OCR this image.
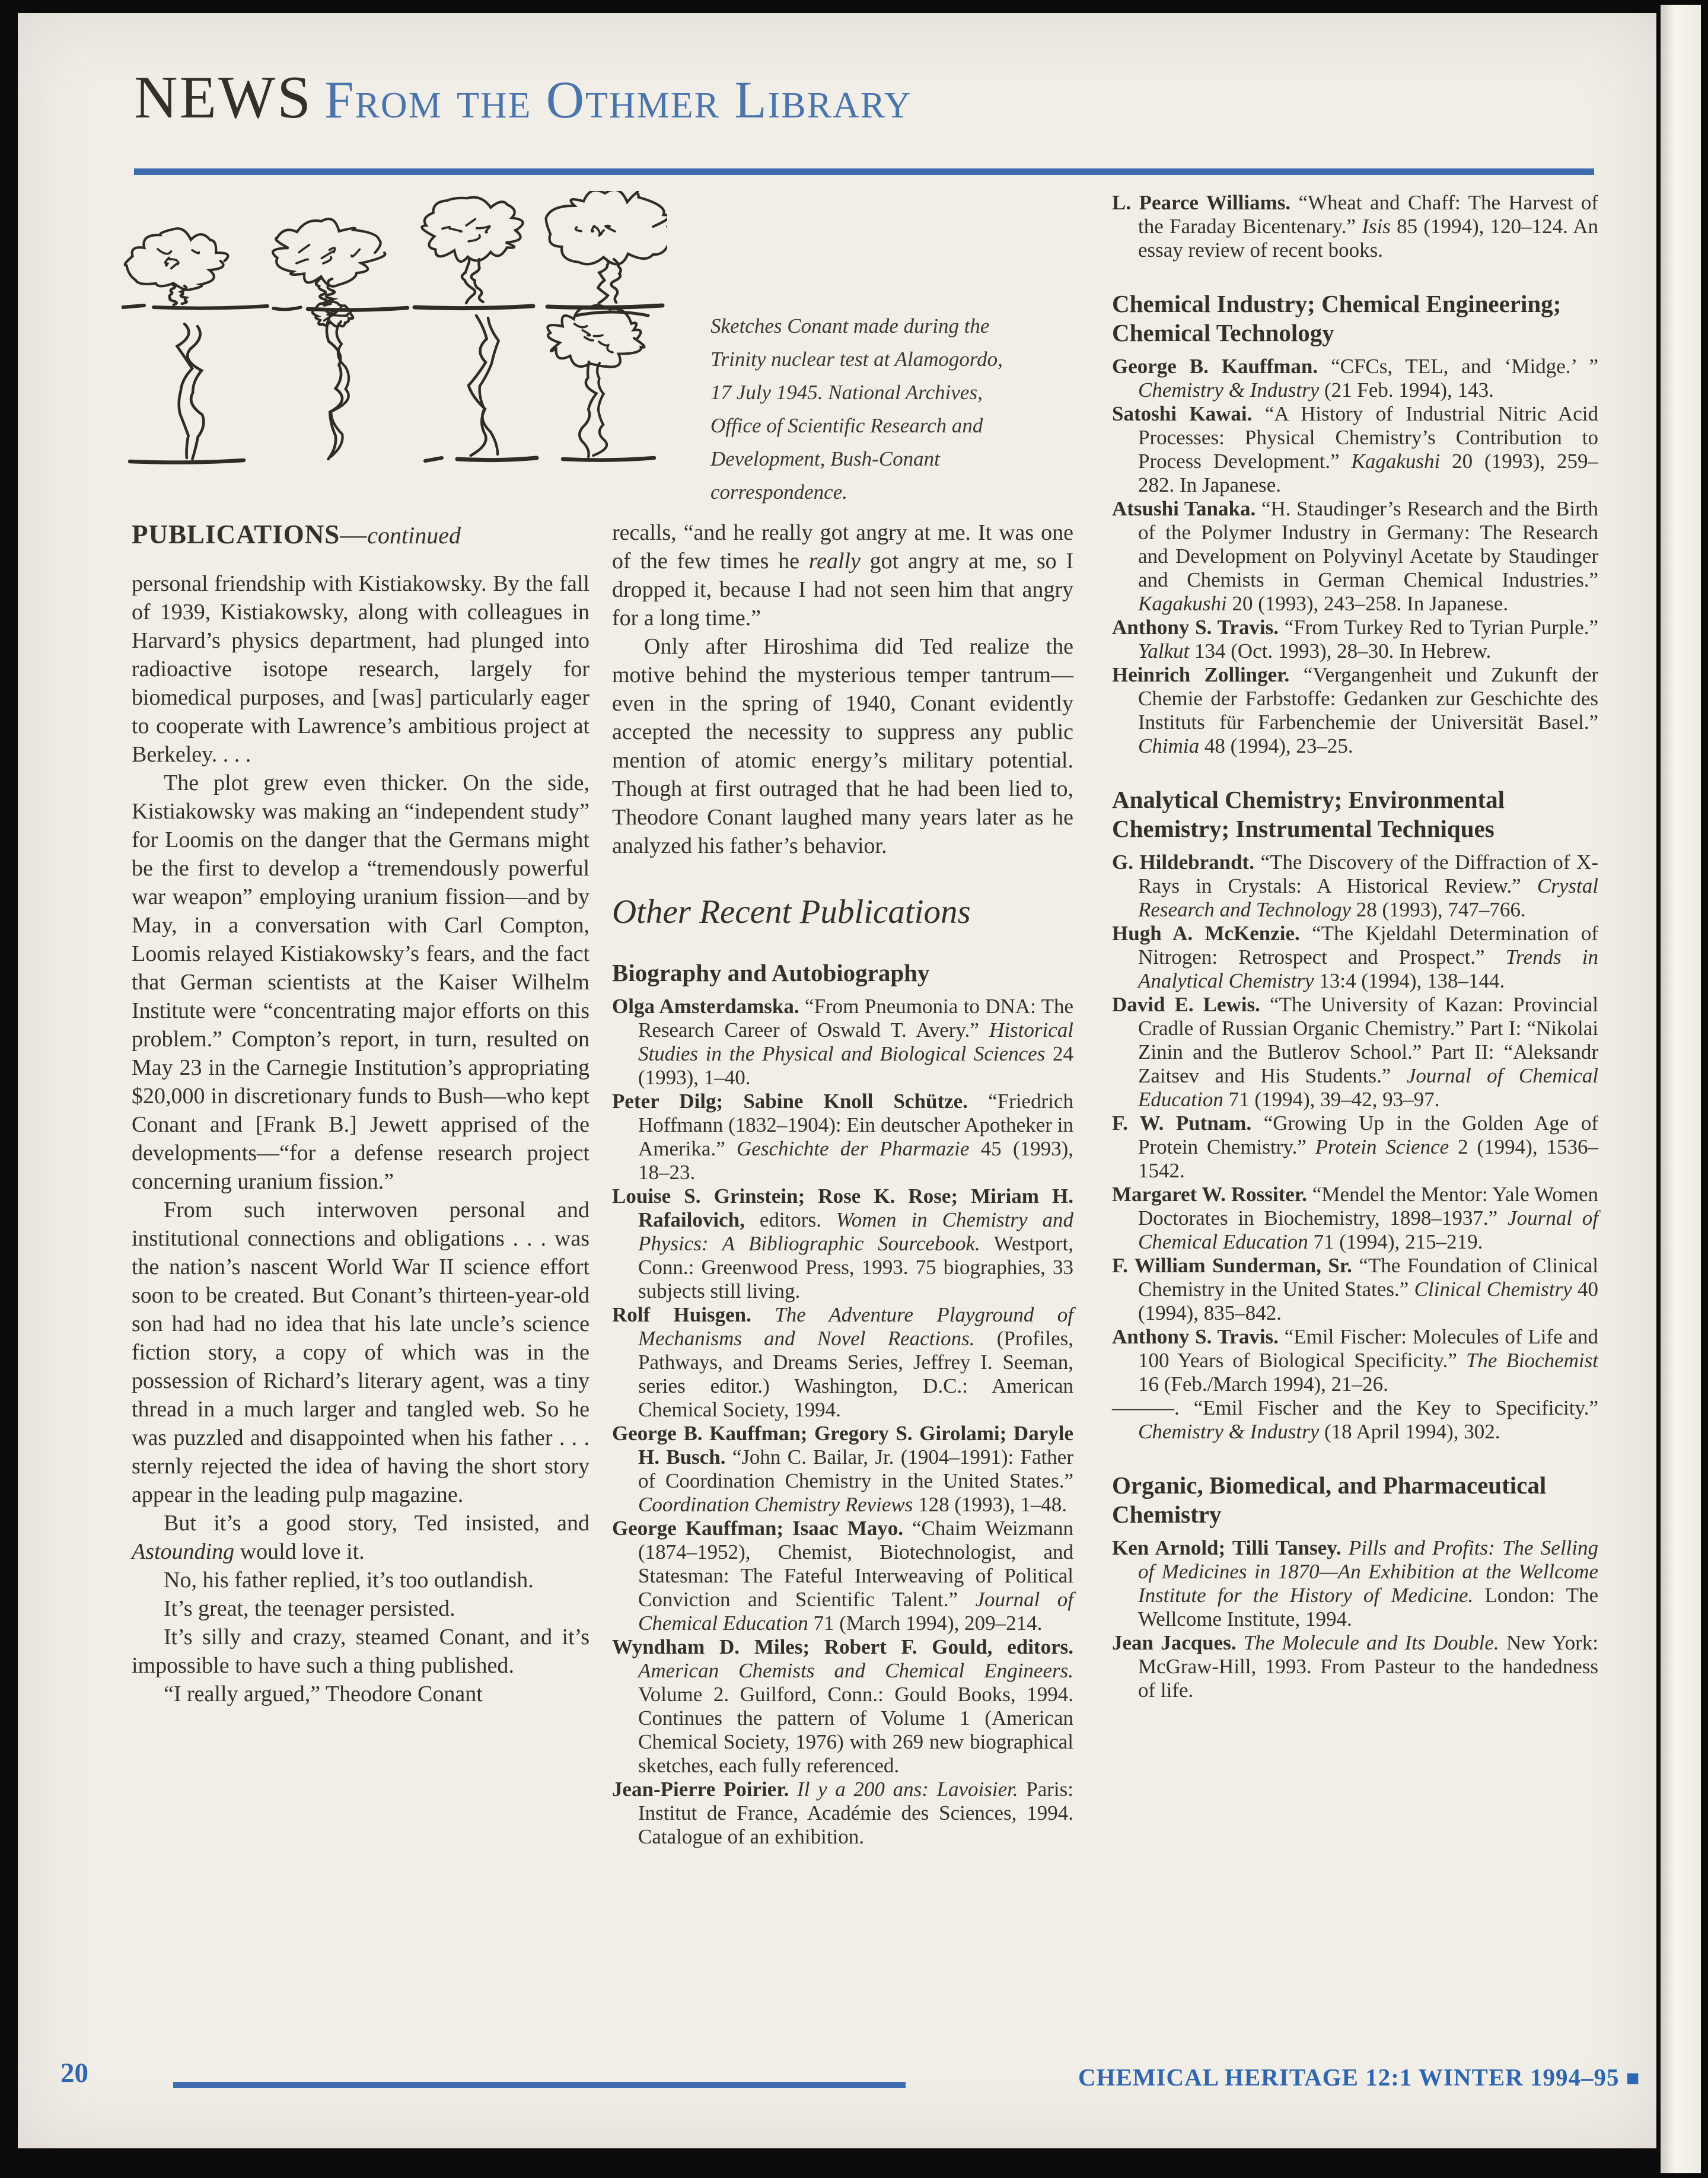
NEWS From the Othmer Library
Sketches Conant made during the Trinity nuclear test at Alamogordo, 17 July 1945. National Archives, Office of Scientific Research and Development, Bush-Conant correspondence.
PUBLICATIONS—continued
personal friendship with Kistiakowsky. By the fall of 1939, Kistiakowsky, along with colleagues in Harvard’s physics department, had plunged into radioactive isotope research, largely for biomedical purposes, and [was] particularly eager to cooperate with Lawrence’s ambitious project at Berkeley. . . .
The plot grew even thicker. On the side, Kistiakowsky was making an “independent study” for Loomis on the danger that the Germans might be the first to develop a “tremendously powerful war weapon” employing uranium fission—and by May, in a conversation with Carl Compton, Loomis relayed Kistiakowsky’s fears, and the fact that German scientists at the Kaiser Wilhelm Institute were “concentrating major efforts on this problem.” Compton’s report, in turn, resulted on May 23 in the Carnegie Institution’s appropriating $20,000 in discretionary funds to Bush—who kept Conant and [Frank B.] Jewett apprised of the developments—“for a defense research project concerning uranium fission.”
From such interwoven personal and institutional connections and obligations . . . was the nation’s nascent World War II science effort soon to be created. But Conant’s thirteen-year-old son had had no idea that his late uncle’s science fiction story, a copy of which was in the possession of Richard’s literary agent, was a tiny thread in a much larger and tangled web. So he was puzzled and disappointed when his father . . . sternly rejected the idea of having the short story appear in the leading pulp magazine.
But it’s a good story, Ted insisted, and Astounding would love it.
No, his father replied, it’s too outlandish.
It’s great, the teenager persisted.
It’s silly and crazy, steamed Conant, and it’s impossible to have such a thing published.
“I really argued,” Theodore Conant
recalls, “and he really got angry at me. It was one of the few times he really got angry at me, so I dropped it, because I had not seen him that angry for a long time.”
Only after Hiroshima did Ted realize the motive behind the mysterious temper tantrum—even in the spring of 1940, Conant evidently accepted the necessity to suppress any public mention of atomic energy’s military potential. Though at first outraged that he had been lied to, Theodore Conant laughed many years later as he analyzed his father’s behavior.
Other Recent Publications
Biography and Autobiography
Olga Amsterdamska. “From Pneumonia to DNA: The Research Career of Oswald T. Avery.” Historical Studies in the Physical and Biological Sciences 24 (1993), 1–40.
Peter Dilg; Sabine Knoll Schütze. “Friedrich Hoffmann (1832–1904): Ein deutscher Apotheker in Amerika.” Geschichte der Pharmazie 45 (1993), 18–23.
Louise S. Grinstein; Rose K. Rose; Miriam H. Rafailovich, editors. Women in Chemistry and Physics: A Bibliographic Sourcebook. Westport, Conn.: Greenwood Press, 1993. 75 biographies, 33 subjects still living.
Rolf Huisgen. The Adventure Playground of Mechanisms and Novel Reactions. (Profiles, Pathways, and Dreams Series, Jeffrey I. Seeman, series editor.) Washington, D.C.: American Chemical Society, 1994.
George B. Kauffman; Gregory S. Girolami; Daryle H. Busch. “John C. Bailar, Jr. (1904–1991): Father of Coordination Chemistry in the United States.” Coordination Chemistry Reviews 128 (1993), 1–48.
George Kauffman; Isaac Mayo. “Chaim Weizmann (1874–1952), Chemist, Biotechnologist, and Statesman: The Fateful Interweaving of Political Conviction and Scientific Talent.” Journal of Chemical Education 71 (March 1994), 209–214.
Wyndham D. Miles; Robert F. Gould, editors. American Chemists and Chemical Engineers. Volume 2. Guilford, Conn.: Gould Books, 1994. Continues the pattern of Volume 1 (American Chemical Society, 1976) with 269 new biographical sketches, each fully referenced.
Jean-Pierre Poirier. Il y a 200 ans: Lavoisier. Paris: Institut de France, Académie des Sciences, 1994. Catalogue of an exhibition.
L. Pearce Williams. “Wheat and Chaff: The Harvest of the Faraday Bicentenary.” Isis 85 (1994), 120–124. An essay review of recent books.
Chemical Industry; Chemical Engineering; Chemical Technology
George B. Kauffman. “CFCs, TEL, and ‘Midge.’ ” Chemistry & Industry (21 Feb. 1994), 143.
Satoshi Kawai. “A History of Industrial Nitric Acid Processes: Physical Chemistry’s Contribution to Process Development.” Kagakushi 20 (1993), 259–282. In Japanese.
Atsushi Tanaka. “H. Staudinger’s Research and the Birth of the Polymer Industry in Germany: The Research and Development on Polyvinyl Acetate by Staudinger and Chemists in German Chemical Industries.” Kagakushi 20 (1993), 243–258. In Japanese.
Anthony S. Travis. “From Turkey Red to Tyrian Purple.” Yalkut 134 (Oct. 1993), 28–30. In Hebrew.
Heinrich Zollinger. “Vergangenheit und Zukunft der Chemie der Farbstoffe: Gedanken zur Geschichte des Instituts für Farbenchemie der Universität Basel.” Chimia 48 (1994), 23–25.
Analytical Chemistry; Environmental Chemistry; Instrumental Techniques
G. Hildebrandt. “The Discovery of the Diffraction of X-Rays in Crystals: A Historical Review.” Crystal Research and Technology 28 (1993), 747–766.
Hugh A. McKenzie. “The Kjeldahl Determination of Nitrogen: Retrospect and Prospect.” Trends in Analytical Chemistry 13:4 (1994), 138–144.
David E. Lewis. “The University of Kazan: Provincial Cradle of Russian Organic Chemistry.” Part I: “Nikolai Zinin and the Butlerov School.” Part II: “Aleksandr Zaitsev and His Students.” Journal of Chemical Education 71 (1994), 39–42, 93–97.
F. W. Putnam. “Growing Up in the Golden Age of Protein Chemistry.” Protein Science 2 (1994), 1536–1542.
Margaret W. Rossiter. “Mendel the Mentor: Yale Women Doctorates in Biochemistry, 1898–1937.” Journal of Chemical Education 71 (1994), 215–219.
F. William Sunderman, Sr. “The Foundation of Clinical Chemistry in the United States.” Clinical Chemistry 40 (1994), 835–842.
Anthony S. Travis. “Emil Fischer: Molecules of Life and 100 Years of Biological Specificity.” The Biochemist 16 (Feb./March 1994), 21–26.
———. “Emil Fischer and the Key to Specificity.” Chemistry & Industry (18 April 1994), 302.
Organic, Biomedical, and Pharmaceutical Chemistry
Ken Arnold; Tilli Tansey. Pills and Profits: The Selling of Medicines in 1870—An Exhibition at the Wellcome Institute for the History of Medicine. London: The Wellcome Institute, 1994.
Jean Jacques. The Molecule and Its Double. New York: McGraw-Hill, 1993. From Pasteur to the handedness of life.
20	CHEMICAL HERITAGE 12:1 WINTER 1994–95 ■
